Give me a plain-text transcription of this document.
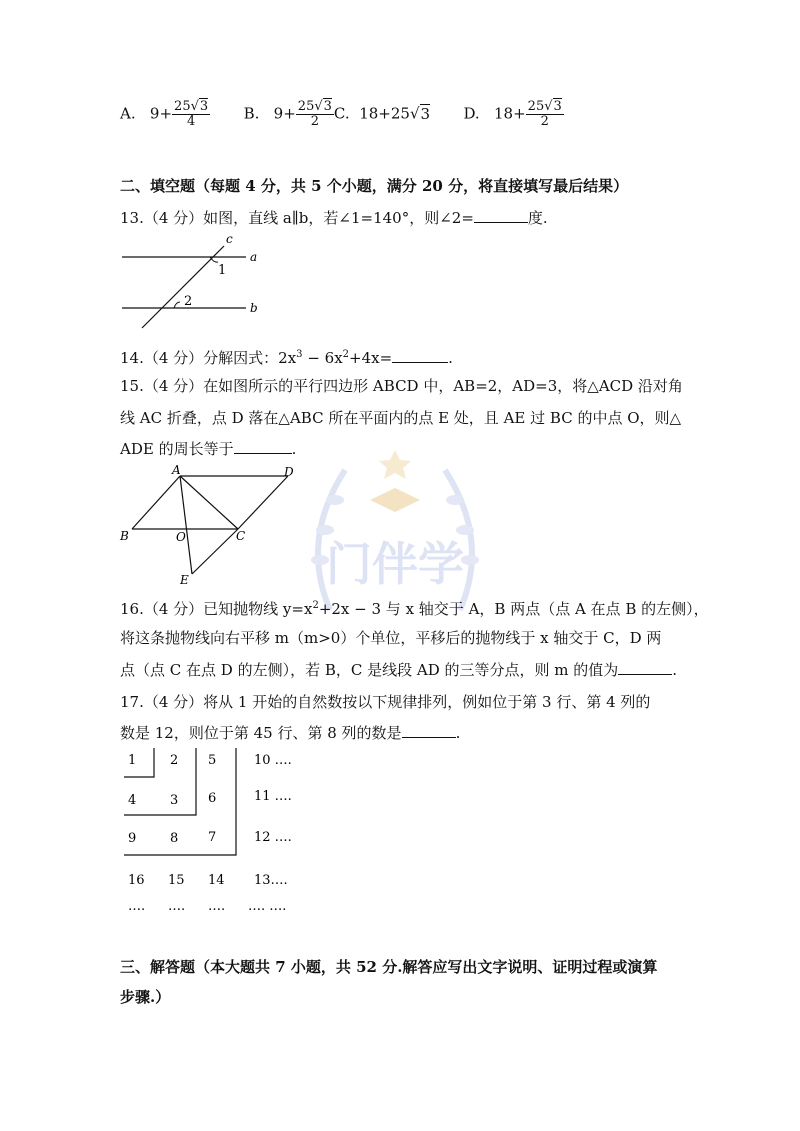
门伴学
A. $9+ \frac{25√3}{4} B$. $9+ \frac{25√3}{2} C$. 18+25√3 D. $18+ \frac{25√3}{2}$
二、填空题（每题 4 分，共 5 个小题，满分 20 分，将直接填写最后结果）
13.（4 分）如图，直线 a∥b，若∠1=140°，则∠2=	度.
c
a
b
1
2
14.（4 分）分解因式：$2x^3 - 6x^2+4x=$	.
15.（4 分）在如图所示的平行四边形 ABCD 中，AB=2，AD=3，将△ACD 沿对角
线 AC 折叠，点 D 落在△ABC 所在平面内的点 E 处，且 AE 过 BC 的中点 O，则△
ADE 的周长等于	.
A	D
B	O	C
E
16.（4 分）已知抛物线 $y=x^2+2x - 3$ 与 x 轴交于 A，B 两点（点 A 在点 B 的左侧），
将这条抛物线向右平移 m（m>0）个单位，平移后的抛物线于 x 轴交于 C，D 两
点（点 C 在点 D 的左侧），若 B，C 是线段 AD 的三等分点，则 m 的值为	.
17.（4 分）将从 1 开始的自然数按以下规律排列，例如位于第 3 行、第 4 列的
数是 12，则位于第 45 行、第 8 列的数是	.
1	2 5	10 ….
4	3 6	11 ….
9	8 7	12 ….
16 15 14 13….
…. …. …. …. ….
三、解答题（本大题共 7 小题，共 52 分.解答应写出文字说明、证明过程或演算
步骤.）
